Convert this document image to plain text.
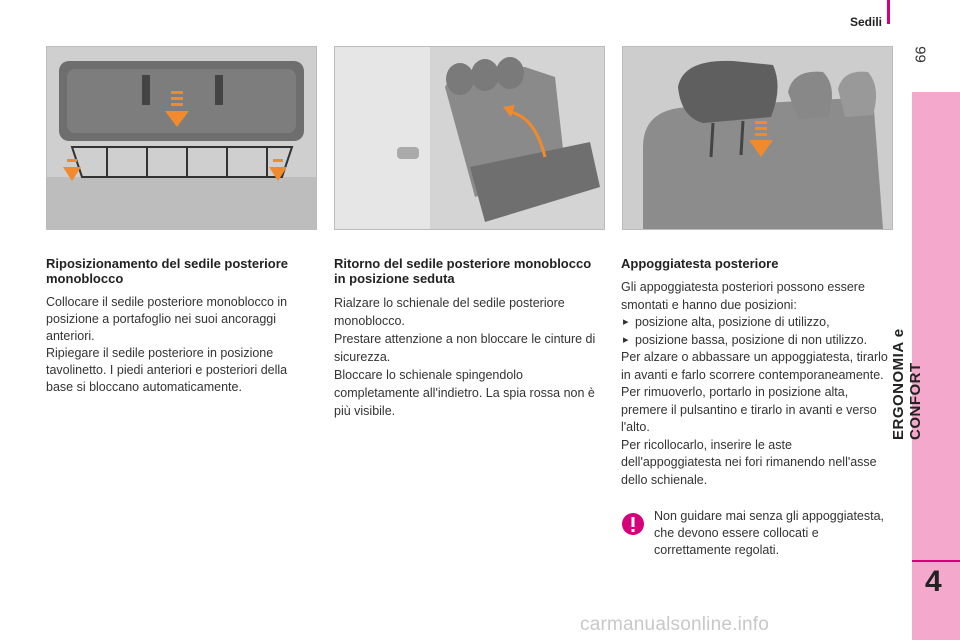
Sedili
99
ERGONOMIA e CONFORT
4
Riposizionamento del sedile posteriore monoblocco

Collocare il sedile posteriore monoblocco in posizione a portafoglio nei suoi ancoraggi anteriori.

Ripiegare il sedile posteriore in posizione tavolinetto. I piedi anteriori e posteriori della base si bloccano automaticamente.

Ritorno del sedile posteriore monoblocco in posizione seduta

Rialzare lo schienale del sedile posteriore monoblocco.

Prestare attenzione a non bloccare le cinture di sicurezza.

Bloccare lo schienale spingendolo completamente all'indietro. La spia rossa non è più visibile.

Appoggiatesta posteriore

Gli appoggiatesta posteriori possono essere smontati e hanno due posizioni:

▸ posizione alta, posizione di utilizzo,

▸ posizione bassa, posizione di non utilizzo.

Per alzare o abbassare un appoggiatesta, tirarlo in avanti e farlo scorrere contemporaneamente.

Per rimuoverlo, portarlo in posizione alta, premere il pulsantino e tirarlo in avanti e verso l'alto.

Per ricollocarlo, inserire le aste dell'appoggiatesta nei fori rimanendo nell'asse dello schienale.

Non guidare mai senza gli appoggiatesta, che devono essere collocati e correttamente regolati.
carmanualsonline.info
